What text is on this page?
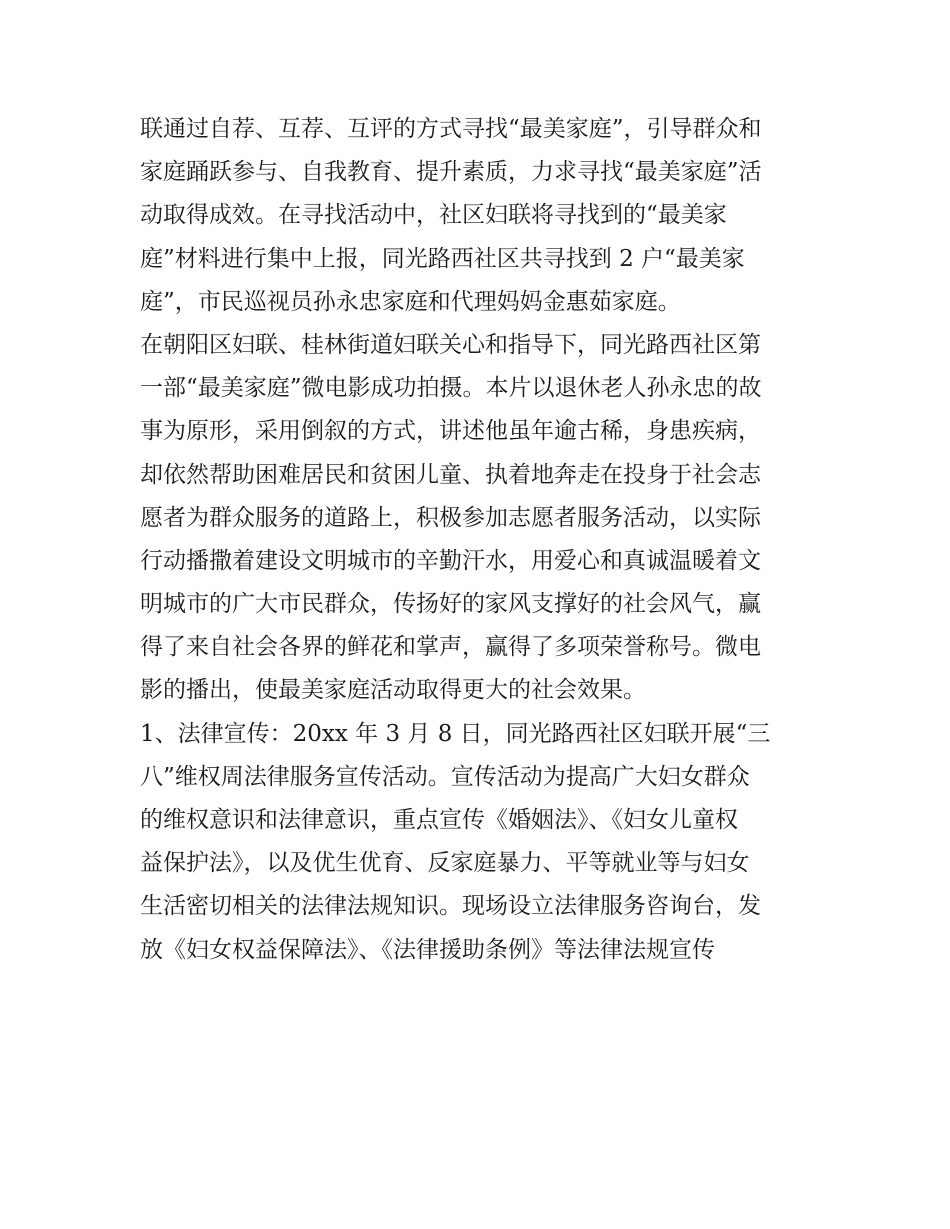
联通过自荐、互荐、互评的方式寻找“最美家庭”，引导群众和
家庭踊跃参与、自我教育、提升素质，力求寻找“最美家庭”活
动取得成效。在寻找活动中，社区妇联将寻找到的“最美家
庭”材料进行集中上报，同光路西社区共寻找到 2 户“最美家
庭”，市民巡视员孙永忠家庭和代理妈妈金惠茹家庭。
在朝阳区妇联、桂林街道妇联关心和指导下，同光路西社区第
一部“最美家庭”微电影成功拍摄。本片以退休老人孙永忠的故
事为原形，采用倒叙的方式，讲述他虽年逾古稀，身患疾病，
却依然帮助困难居民和贫困儿童、执着地奔走在投身于社会志
愿者为群众服务的道路上，积极参加志愿者服务活动，以实际
行动播撒着建设文明城市的辛勤汗水，用爱心和真诚温暖着文
明城市的广大市民群众，传扬好的家风支撑好的社会风气，赢
得了来自社会各界的鲜花和掌声，赢得了多项荣誉称号。微电
影的播出，使最美家庭活动取得更大的社会效果。
1、法律宣传：20xx 年 3 月 8 日，同光路西社区妇联开展“三
八”维权周法律服务宣传活动。宣传活动为提高广大妇女群众
的维权意识和法律意识，重点宣传《婚姻法》、《妇女儿童权
益保护法》，以及优生优育、反家庭暴力、平等就业等与妇女
生活密切相关的法律法规知识。现场设立法律服务咨询台，发
放《妇女权益保障法》、《法律援助条例》等法律法规宣传
